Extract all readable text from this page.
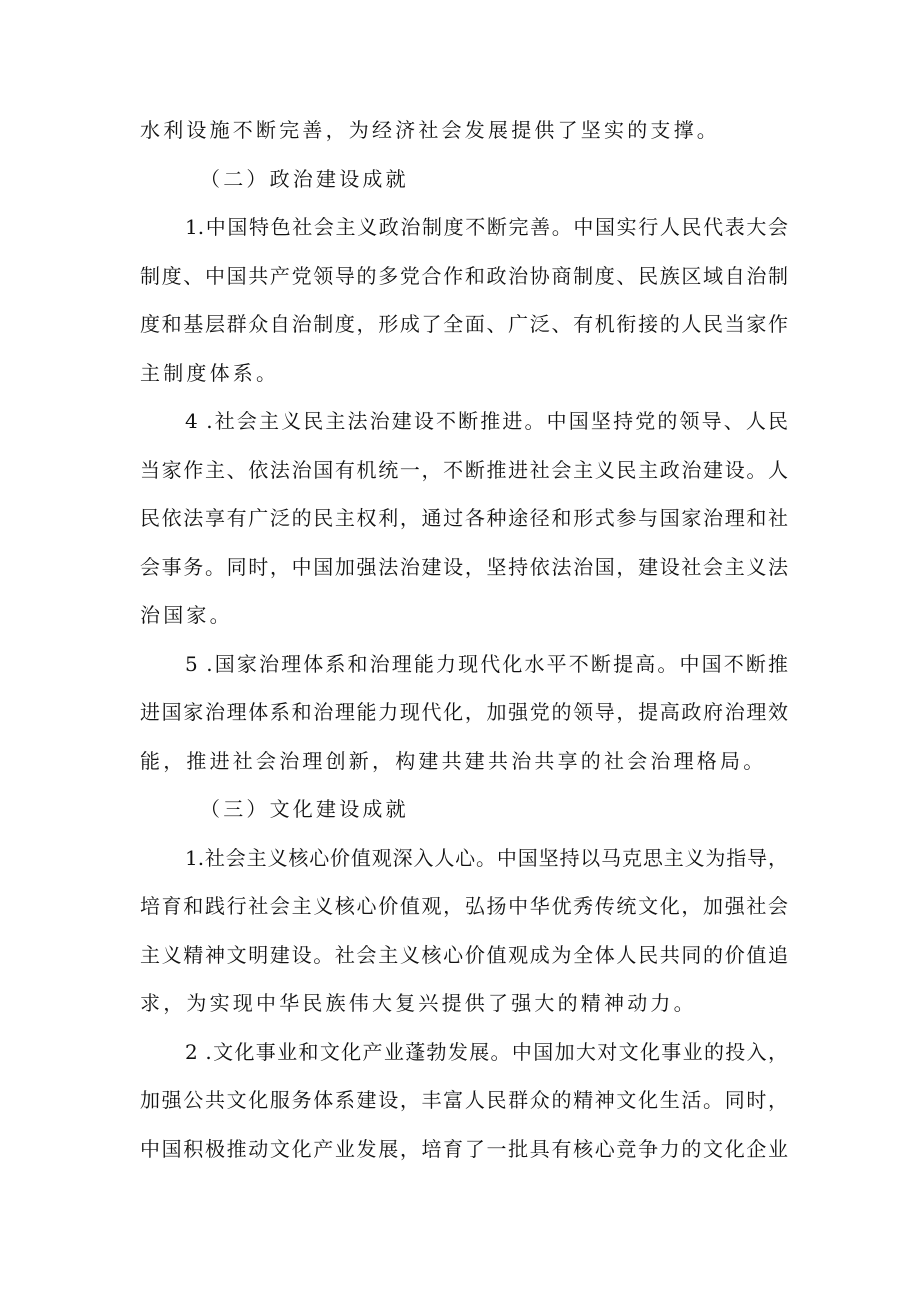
水利设施不断完善，为经济社会发展提供了坚实的支撑。
（二）政治建设成就
1.中国特色社会主义政治制度不断完善。中国实行人民代表大会
制度、中国共产党领导的多党合作和政治协商制度、民族区域自治制
度和基层群众自治制度，形成了全面、广泛、有机衔接的人民当家作
主制度体系。
4 .社会主义民主法治建设不断推进。中国坚持党的领导、人民
当家作主、依法治国有机统一，不断推进社会主义民主政治建设。人
民依法享有广泛的民主权利，通过各种途径和形式参与国家治理和社
会事务。同时，中国加强法治建设，坚持依法治国，建设社会主义法
治国家。
5 .国家治理体系和治理能力现代化水平不断提高。中国不断推
进国家治理体系和治理能力现代化，加强党的领导，提高政府治理效
能，推进社会治理创新，构建共建共治共享的社会治理格局。
（三）文化建设成就
1.社会主义核心价值观深入人心。中国坚持以马克思主义为指导，
培育和践行社会主义核心价值观，弘扬中华优秀传统文化，加强社会
主义精神文明建设。社会主义核心价值观成为全体人民共同的价值追
求，为实现中华民族伟大复兴提供了强大的精神动力。
2 .文化事业和文化产业蓬勃发展。中国加大对文化事业的投入，
加强公共文化服务体系建设，丰富人民群众的精神文化生活。同时，
中国积极推动文化产业发展，培育了一批具有核心竞争力的文化企业
